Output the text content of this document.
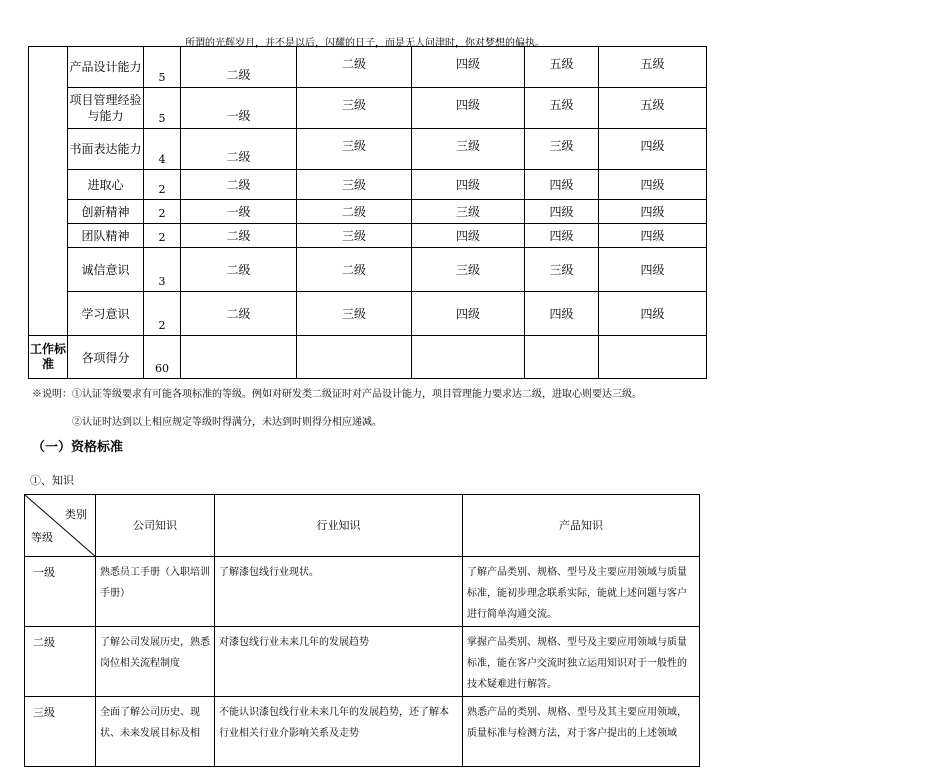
所谓的光辉岁月，并不是以后，闪耀的日子，而是无人问津时，你对梦想的偏执。
	产品设计能力	5	二级	二级	四级	五级	五级
	项目管理经验与能力	5	一级	三级	四级	五级	五级
	书面表达能力	4	二级	三级	三级	三级	四级
	进取心	2	二级	三级	四级	四级	四级
	创新精神	2	一级	二级	三级	四级	四级
	团队精神	2	二级	三级	四级	四级	四级
	诚信意识	3	二级	二级	三级	三级	四级
	学习意识	2	二级	三级	四级	四级	四级
工作标准	各项得分	60					
※说明：①认证等级要求有可能各项标准的等级。例如对研发类二级证时对产品设计能力，项目管理能力要求达二级，进取心则要达三级。
②认证时达到以上相应规定等级时得满分，未达到时则得分相应递减。
（一）资格标准
①、知识
类别
等级	公司知识	行业知识	产品知识
一级	熟悉员工手册（入职培训手册）	了解漆包线行业现状。	了解产品类别、规格、型号及主要应用领域与质量标准，能初步理念联系实际，能就上述问题与客户进行简单沟通交流。
二级	了解公司发展历史，熟悉岗位相关流程制度	对漆包线行业未来几年的发展趋势	掌握产品类别、规格、型号及主要应用领域与质量标准，能在客户交流时独立运用知识对于一般性的技术疑难进行解答。
三级	全面了解公司历史、现状、未来发展目标及相	不能认识漆包线行业未来几年的发展趋势，还了解本行业相关行业介影响关系及走势	熟悉产品的类别、规格、型号及其主要应用领域，质量标准与检测方法，对于客户提出的上述领域
